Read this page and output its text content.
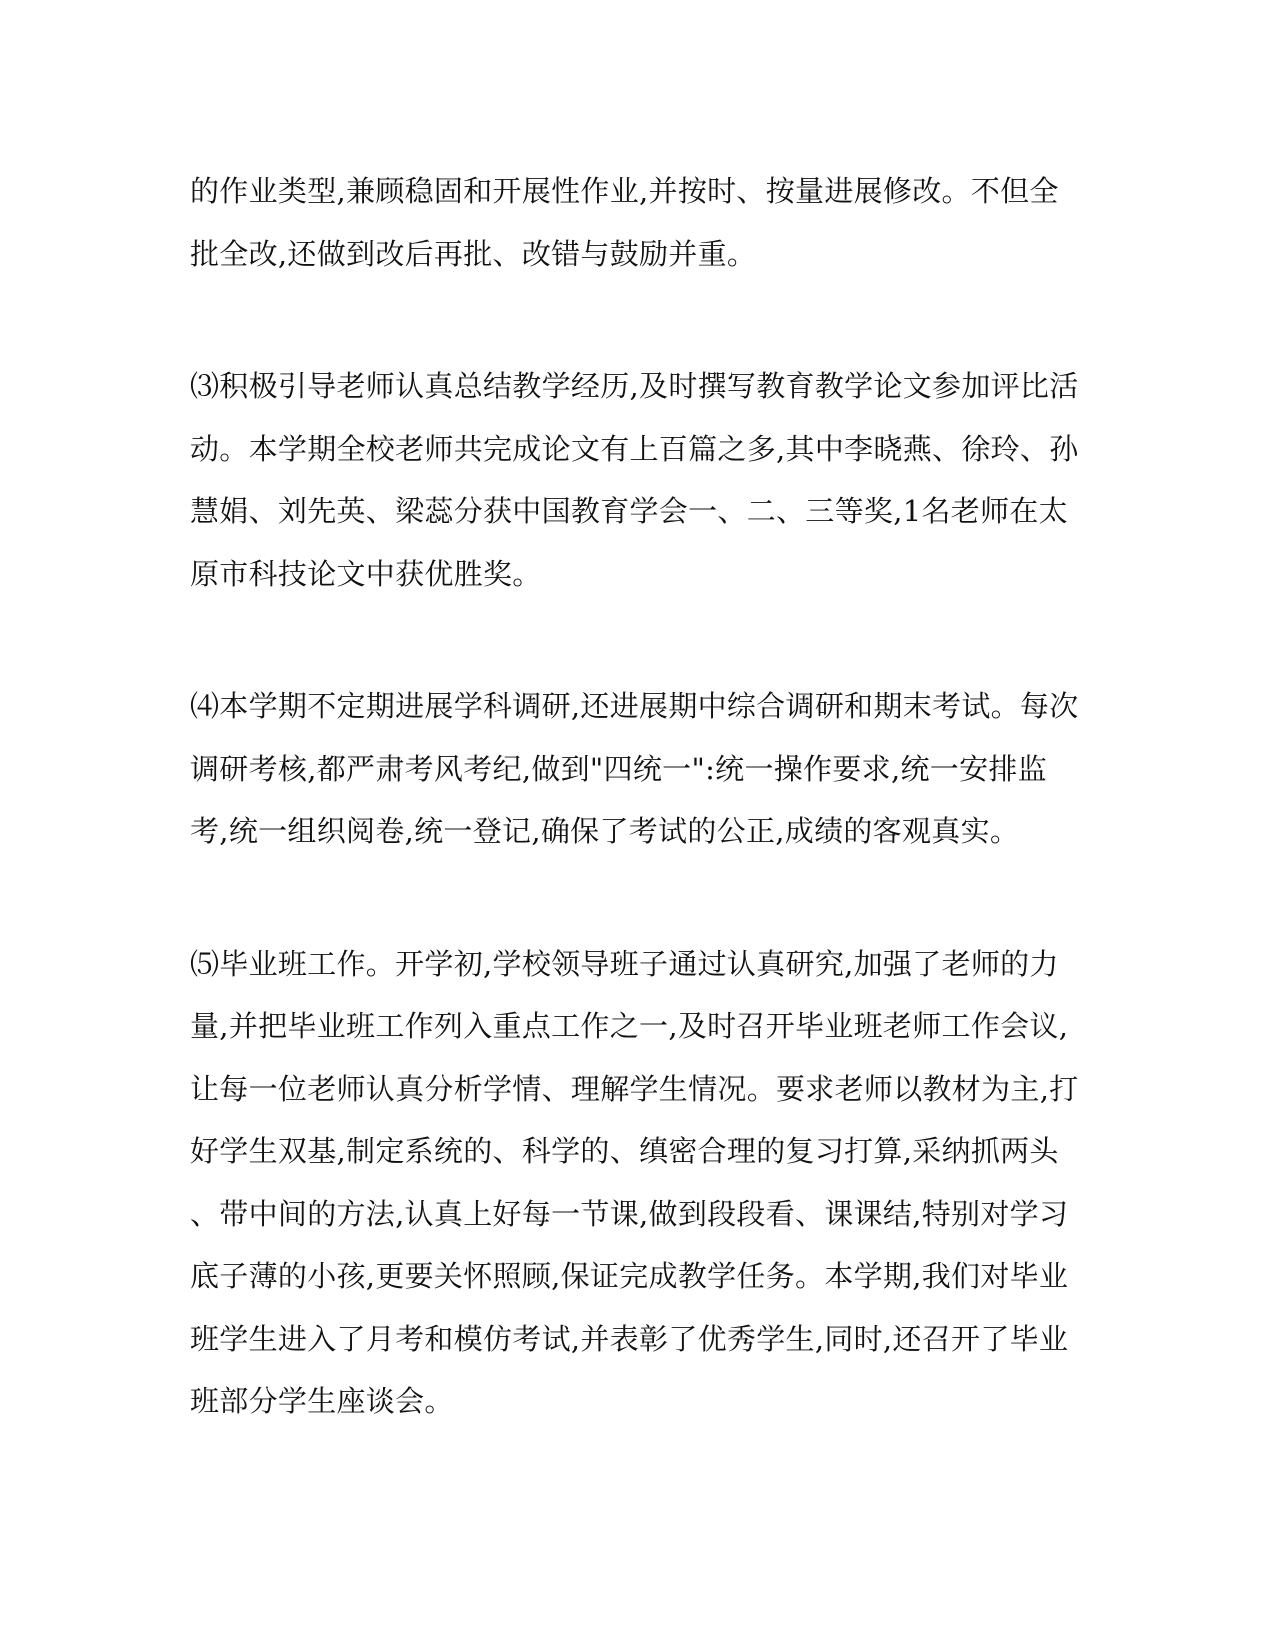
的作业类型,兼顾稳固和开展性作业,并按时、按量进展修改。不但全
批全改,还做到改后再批、改错与鼓励并重。

⑶积极引导老师认真总结教学经历,及时撰写教育教学论文参加评比活
动。本学期全校老师共完成论文有上百篇之多,其中李晓燕、徐玲、孙
慧娟、刘先英、梁蕊分获中国教育学会一、二、三等奖,1名老师在太
原市科技论文中获优胜奖。

⑷本学期不定期进展学科调研,还进展期中综合调研和期末考试。每次
调研考核,都严肃考风考纪,做到"四统一":统一操作要求,统一安排监
考,统一组织阅卷,统一登记,确保了考试的公正,成绩的客观真实。

⑸毕业班工作。开学初,学校领导班子通过认真研究,加强了老师的力
量,并把毕业班工作列入重点工作之一,及时召开毕业班老师工作会议,
让每一位老师认真分析学情、理解学生情况。要求老师以教材为主,打
好学生双基,制定系统的、科学的、缜密合理的复习打算,采纳抓两头
、带中间的方法,认真上好每一节课,做到段段看、课课结,特别对学习
底子薄的小孩,更要关怀照顾,保证完成教学任务。本学期,我们对毕业
班学生进入了月考和模仿考试,并表彰了优秀学生,同时,还召开了毕业
班部分学生座谈会。
